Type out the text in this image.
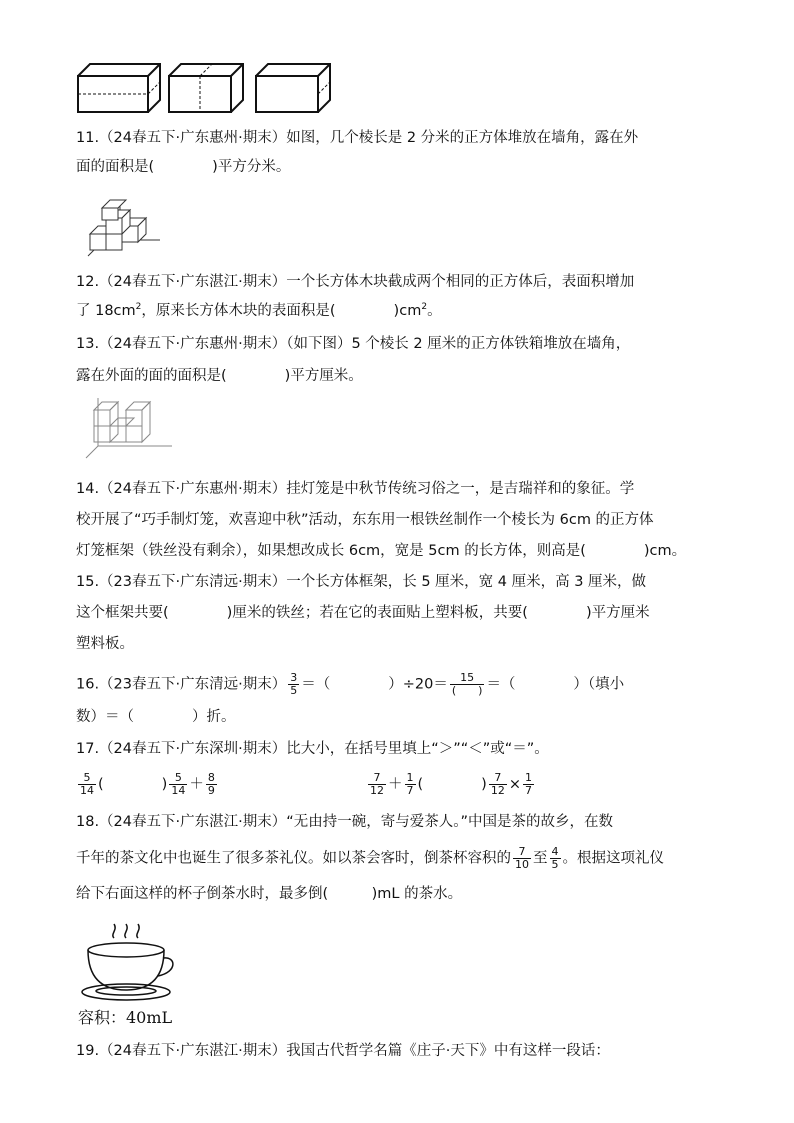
11.（24春五下·广东惠州·期末）如图，几个棱长是 2 分米的正方体堆放在墙角，露在外
面的面积是(　　　　)平方分米。
12.（24春五下·广东湛江·期末）一个长方体木块截成两个相同的正方体后，表面积增加
了 $18cm^2$，原来长方体木块的表面积是(　　　　)$cm^2$。
13.（24春五下·广东惠州·期末）（如下图）5 个棱长 2 厘米的正方体铁箱堆放在墙角，
露在外面的面的面积是(　　　　)平方厘米。
14.（24春五下·广东惠州·期末）挂灯笼是中秋节传统习俗之一，是吉瑞祥和的象征。学
校开展了“巧手制灯笼，欢喜迎中秋”活动，东东用一根铁丝制作一个棱长为 6cm 的正方体
灯笼框架（铁丝没有剩余），如果想改成长 6cm，宽是 5cm 的长方体，则高是(　　　　)cm。
15.（23春五下·广东清远·期末）一个长方体框架，长 5 厘米，宽 4 厘米，高 3 厘米，做
这个框架共要(　　　　)厘米的铁丝；若在它的表面贴上塑料板，共要(　　　　)平方厘米
塑料板。
16.（23春五下·广东清远·期末） $\frac{3}{5}$ ＝（　　　　）$\div 20= \frac{15}{( )}$ ＝（　　　　）（填小
数）＝（　　　　）折。
17.（24春五下·广东深圳·期末）比大小，在括号里填上“＞”“＜”或“＝”。
$\frac{5}{14}$ (　　　　) $\frac{5}{14} + \frac{8}{9}$	$\frac{7}{12} + \frac{1}{7}$ (　　　　) $\frac{7}{12} \times \frac{1}{7}$
18.（24春五下·广东湛江·期末）“无由持一碗，寄与爱茶人。”中国是茶的故乡，在数
千年的茶文化中也诞生了很多茶礼仪。如以茶会客时，倒茶杯容积的 $\frac{7}{10}$ 至 $\frac{4}{5}$ 。根据这项礼仪
给下右面这样的杯子倒茶水时，最多倒(　　　)mL 的茶水。
容积：40mL
19.（24春五下·广东湛江·期末）我国古代哲学名篇《庄子·天下》中有这样一段话：
